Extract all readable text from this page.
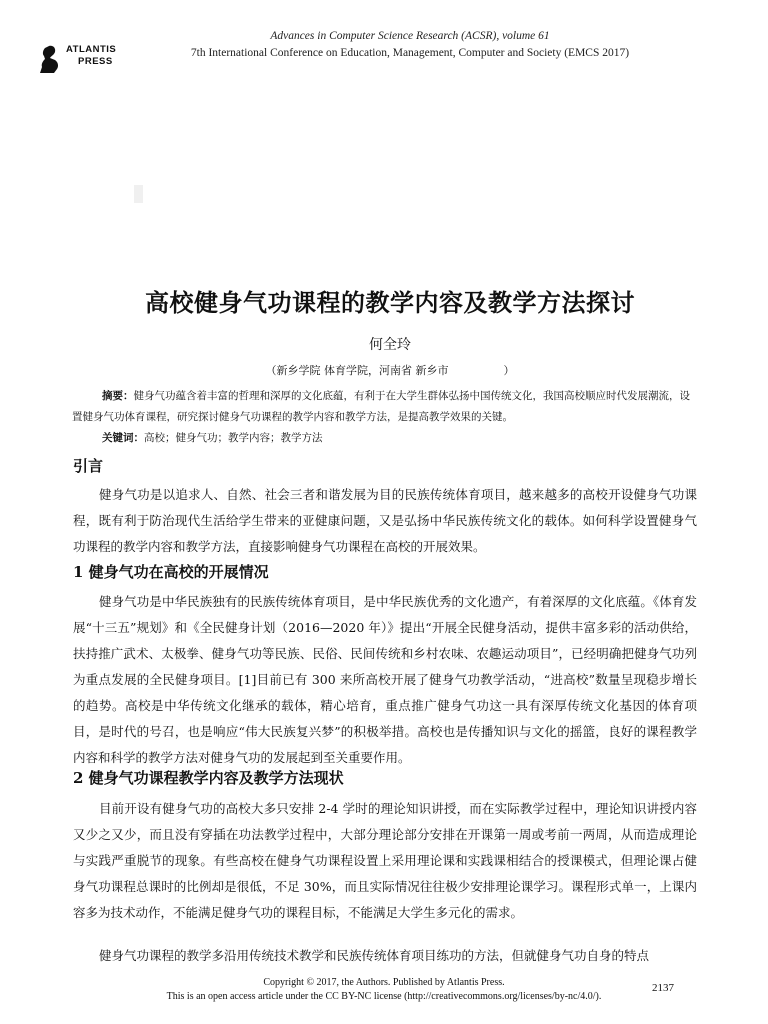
ATLANTIS
PRESS
Advances in Computer Science Research (ACSR), volume 61
7th International Conference on Education, Management, Computer and Society (EMCS 2017)
高校健身气功课程的教学内容及教学方法探讨
何全玲
（新乡学院 体育学院，河南省 新乡市　　　　　）
摘要：健身气功蕴含着丰富的哲理和深厚的文化底蕴，有利于在大学生群体弘扬中国传统文化，我国高校顺应时代发展潮流，设置健身气功体育课程，研究探讨健身气功课程的教学内容和教学方法，是提高教学效果的关键。
关键词：高校；健身气功；教学内容；教学方法
引言
健身气功是以追求人、自然、社会三者和谐发展为目的民族传统体育项目，越来越多的高校开设健身气功课程，既有利于防治现代生活给学生带来的亚健康问题，又是弘扬中华民族传统文化的载体。如何科学设置健身气功课程的教学内容和教学方法，直接影响健身气功课程在高校的开展效果。
1 健身气功在高校的开展情况
健身气功是中华民族独有的民族传统体育项目，是中华民族优秀的文化遗产，有着深厚的文化底蕴。《体育发展“十三五”规划》和《全民健身计划（2016—2020 年）》提出“开展全民健身活动，提供丰富多彩的活动供给，扶持推广武术、太极拳、健身气功等民族、民俗、民间传统和乡村农味、农趣运动项目”，已经明确把健身气功列为重点发展的全民健身项目。[1]目前已有 300 来所高校开展了健身气功教学活动，“进高校”数量呈现稳步增长的趋势。高校是中华传统文化继承的载体，精心培育，重点推广健身气功这一具有深厚传统文化基因的体育项目，是时代的号召，也是响应“伟大民族复兴梦”的积极举措。高校也是传播知识与文化的摇篮，良好的课程教学内容和科学的教学方法对健身气功的发展起到至关重要作用。
2 健身气功课程教学内容及教学方法现状
目前开设有健身气功的高校大多只安排 2-4 学时的理论知识讲授，而在实际教学过程中，理论知识讲授内容又少之又少，而且没有穿插在功法教学过程中，大部分理论部分安排在开课第一周或考前一两周，从而造成理论与实践严重脱节的现象。有些高校在健身气功课程设置上采用理论课和实践课相结合的授课模式，但理论课占健身气功课程总课时的比例却是很低，不足 30%，而且实际情况往往极少安排理论课学习。课程形式单一，上课内容多为技术动作，不能满足健身气功的课程目标，不能满足大学生多元化的需求。
健身气功课程的教学多沿用传统技术教学和民族传统体育项目练功的方法，但就健身气功自身的特点
Copyright © 2017, the Authors. Published by Atlantis Press.
This is an open access article under the CC BY-NC license (http://creativecommons.org/licenses/by-nc/4.0/).
2137
